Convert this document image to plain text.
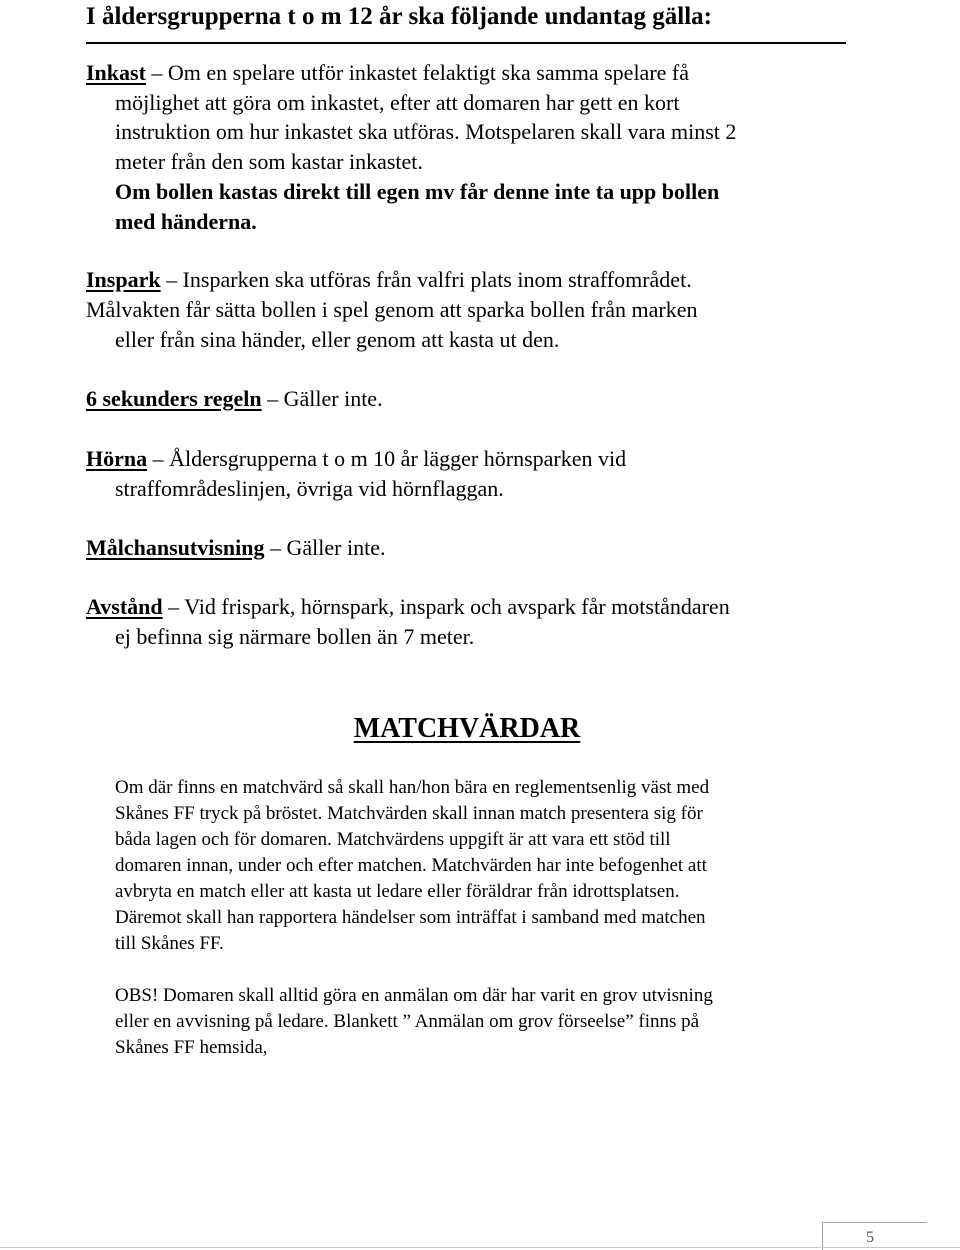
I åldersgrupperna t o m 12 år ska följande undantag gälla:
Inkast – Om en spelare utför inkastet felaktigt ska samma spelare få
möjlighet att göra om inkastet, efter att domaren har gett en kort
instruktion om hur inkastet ska utföras. Motspelaren skall vara minst 2
meter från den som kastar inkastet.
Om bollen kastas direkt till egen mv får denne inte ta upp bollen
med händerna.
Inspark – Insparken ska utföras från valfri plats inom straffområdet.
Målvakten får sätta bollen i spel genom att sparka bollen från marken
eller från sina händer, eller genom att kasta ut den.
6 sekunders regeln – Gäller inte.
Hörna – Åldersgrupperna t o m 10 år lägger hörnsparken vid
straffområdeslinjen, övriga vid hörnflaggan.
Målchansutvisning – Gäller inte.
Avstånd – Vid frispark, hörnspark, inspark och avspark får motståndaren
ej befinna sig närmare bollen än 7 meter.
MATCHVÄRDAR
Om där finns en matchvärd så skall han/hon bära en reglementsenlig väst med
Skånes FF tryck på bröstet. Matchvärden skall innan match presentera sig för
båda lagen och för domaren. Matchvärdens uppgift är att vara ett stöd till
domaren innan, under och efter matchen. Matchvärden har inte befogenhet att
avbryta en match eller att kasta ut ledare eller föräldrar från idrottsplatsen.
Däremot skall han rapportera händelser som inträffat i samband med matchen
till Skånes FF.
OBS! Domaren skall alltid göra en anmälan om där har varit en grov utvisning
eller en avvisning på ledare. Blankett ” Anmälan om grov förseelse” finns på
Skånes FF hemsida,
5
